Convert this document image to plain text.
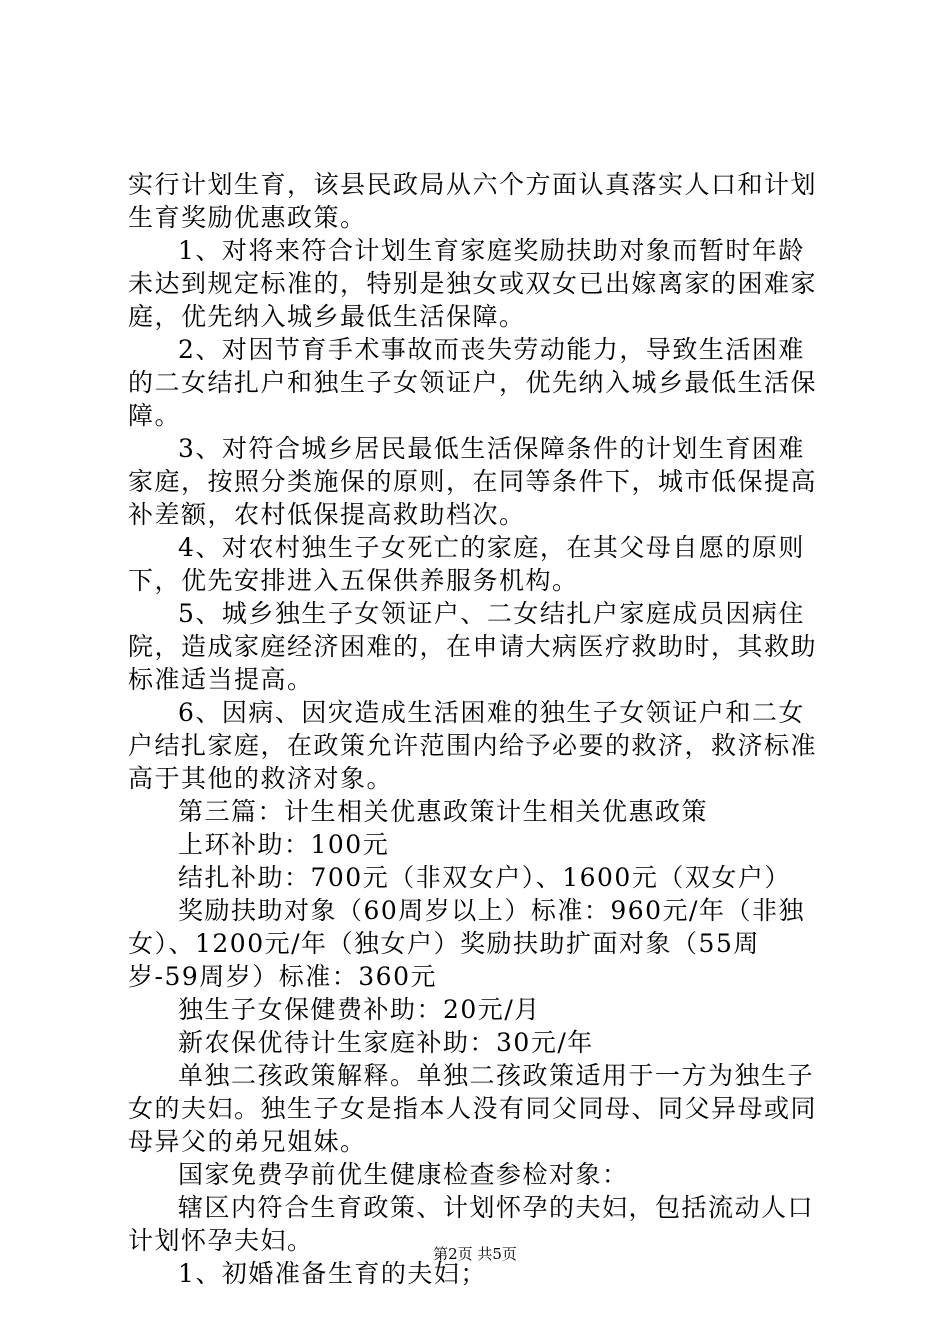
实行计划生育，该县民政局从六个方面认真落实人口和计划生育奖励优惠政策。

1、对将来符合计划生育家庭奖励扶助对象而暂时年龄未达到规定标准的，特别是独女或双女已出嫁离家的困难家庭，优先纳入城乡最低生活保障。

2、对因节育手术事故而丧失劳动能力，导致生活困难的二女结扎户和独生子女领证户，优先纳入城乡最低生活保障。

3、对符合城乡居民最低生活保障条件的计划生育困难家庭，按照分类施保的原则，在同等条件下，城市低保提高补差额，农村低保提高救助档次。

4、对农村独生子女死亡的家庭，在其父母自愿的原则下，优先安排进入五保供养服务机构。

5、城乡独生子女领证户、二女结扎户家庭成员因病住院，造成家庭经济困难的，在申请大病医疗救助时，其救助标准适当提高。

6、因病、因灾造成生活困难的独生子女领证户和二女户结扎家庭，在政策允许范围内给予必要的救济，救济标准高于其他的救济对象。

第三篇：计生相关优惠政策计生相关优惠政策

上环补助：100元

结扎补助：700元（非双女户）、1600元（双女户）

奖励扶助对象（60周岁以上）标准：960元/年（非独女）、1200元/年（独女户）奖励扶助扩面对象（55周岁-59周岁）标准：360元

独生子女保健费补助：20元/月

新农保优待计生家庭补助：30元/年

单独二孩政策解释。单独二孩政策适用于一方为独生子女的夫妇。独生子女是指本人没有同父同母、同父异母或同母异父的弟兄姐妹。

国家免费孕前优生健康检查参检对象：

辖区内符合生育政策、计划怀孕的夫妇，包括流动人口计划怀孕夫妇。

1、初婚准备生育的夫妇；

第2页 共5页
